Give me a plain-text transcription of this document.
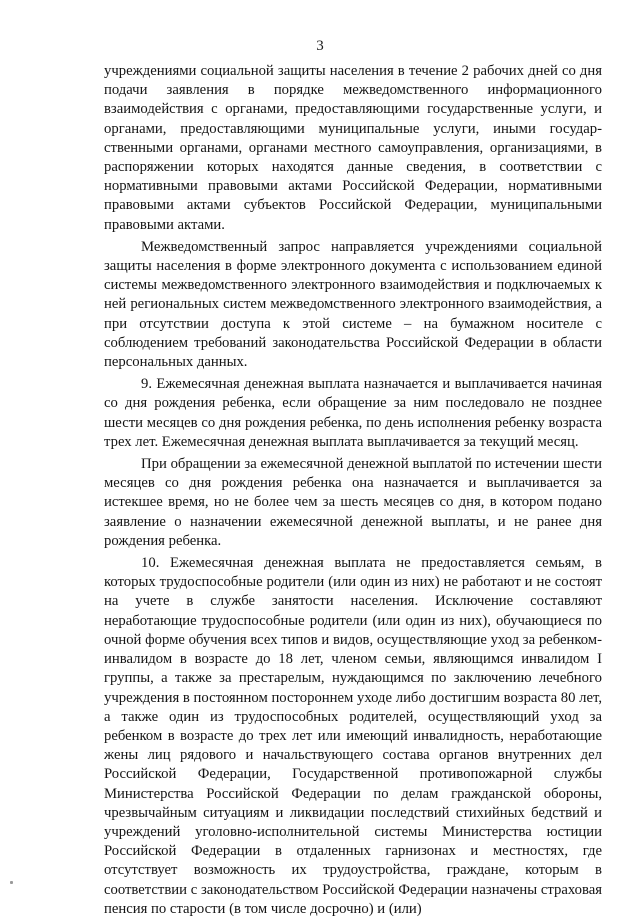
3

учреждениями социальной защиты населения в течение 2 рабочих дней со дня подачи заявления в порядке межведомственного информационного взаимодействия с органами, предоставляющими государственные услуги, и органами, предоставляющими муниципальные услуги, иными государственными органами, органами местного самоуправления, организациями, в распоряжении которых находятся данные сведения, в соответствии с нормативными правовыми актами Российской Федерации, нормативными правовыми актами субъектов Российской Федерации, муниципальными правовыми актами.

Межведомственный запрос направляется учреждениями социальной защиты населения в форме электронного документа с использованием единой системы межведомственного электронного взаимодействия и подключаемых к ней региональных систем межведомственного электронного взаимодействия, а при отсутствии доступа к этой системе – на бумажном носителе с соблюдением требований законодательства Российской Федерации в области персональных данных.

9. Ежемесячная денежная выплата назначается и выплачивается начиная со дня рождения ребенка, если обращение за ним последовало не позднее шести месяцев со дня рождения ребенка, по день исполнения ребенку возраста трех лет. Ежемесячная денежная выплата выплачивается за текущий месяц.

При обращении за ежемесячной денежной выплатой по истечении шести месяцев со дня рождения ребенка она назначается и выплачивается за истекшее время, но не более чем за шесть месяцев со дня, в котором подано заявление о назначении ежемесячной денежной выплаты, и не ранее дня рождения ребенка.

10. Ежемесячная денежная выплата не предоставляется семьям, в которых трудоспособные родители (или один из них) не работают и не состоят на учете в службе занятости населения. Исключение составляют неработающие трудоспособные родители (или один из них), обучающиеся по очной форме обучения всех типов и видов, осуществляющие уход за ребенком-инвалидом в возрасте до 18 лет, членом семьи, являющимся инвалидом I группы, а также за престарелым, нуждающимся по заключению лечебного учреждения в постоянном постороннем уходе либо достигшим возраста 80 лет, а также один из трудоспособных родителей, осуществляющий уход за ребенком в возрасте до трех лет или имеющий инвалидность, неработающие жены лиц рядового и начальствующего состава органов внутренних дел Российской Федерации, Государственной противопожарной службы Министерства Российской Федерации по делам гражданской обороны, чрезвычайным ситуациям и ликвидации последствий стихийных бедствий и учреждений уголовно-исполнительной системы Министерства юстиции Российской Федерации в отдаленных гарнизонах и местностях, где отсутствует возможность их трудоустройства, граждане, которым в соответствии с законодательством Российской Федерации назначены страховая пенсия по старости (в том числе досрочно) и (или)
